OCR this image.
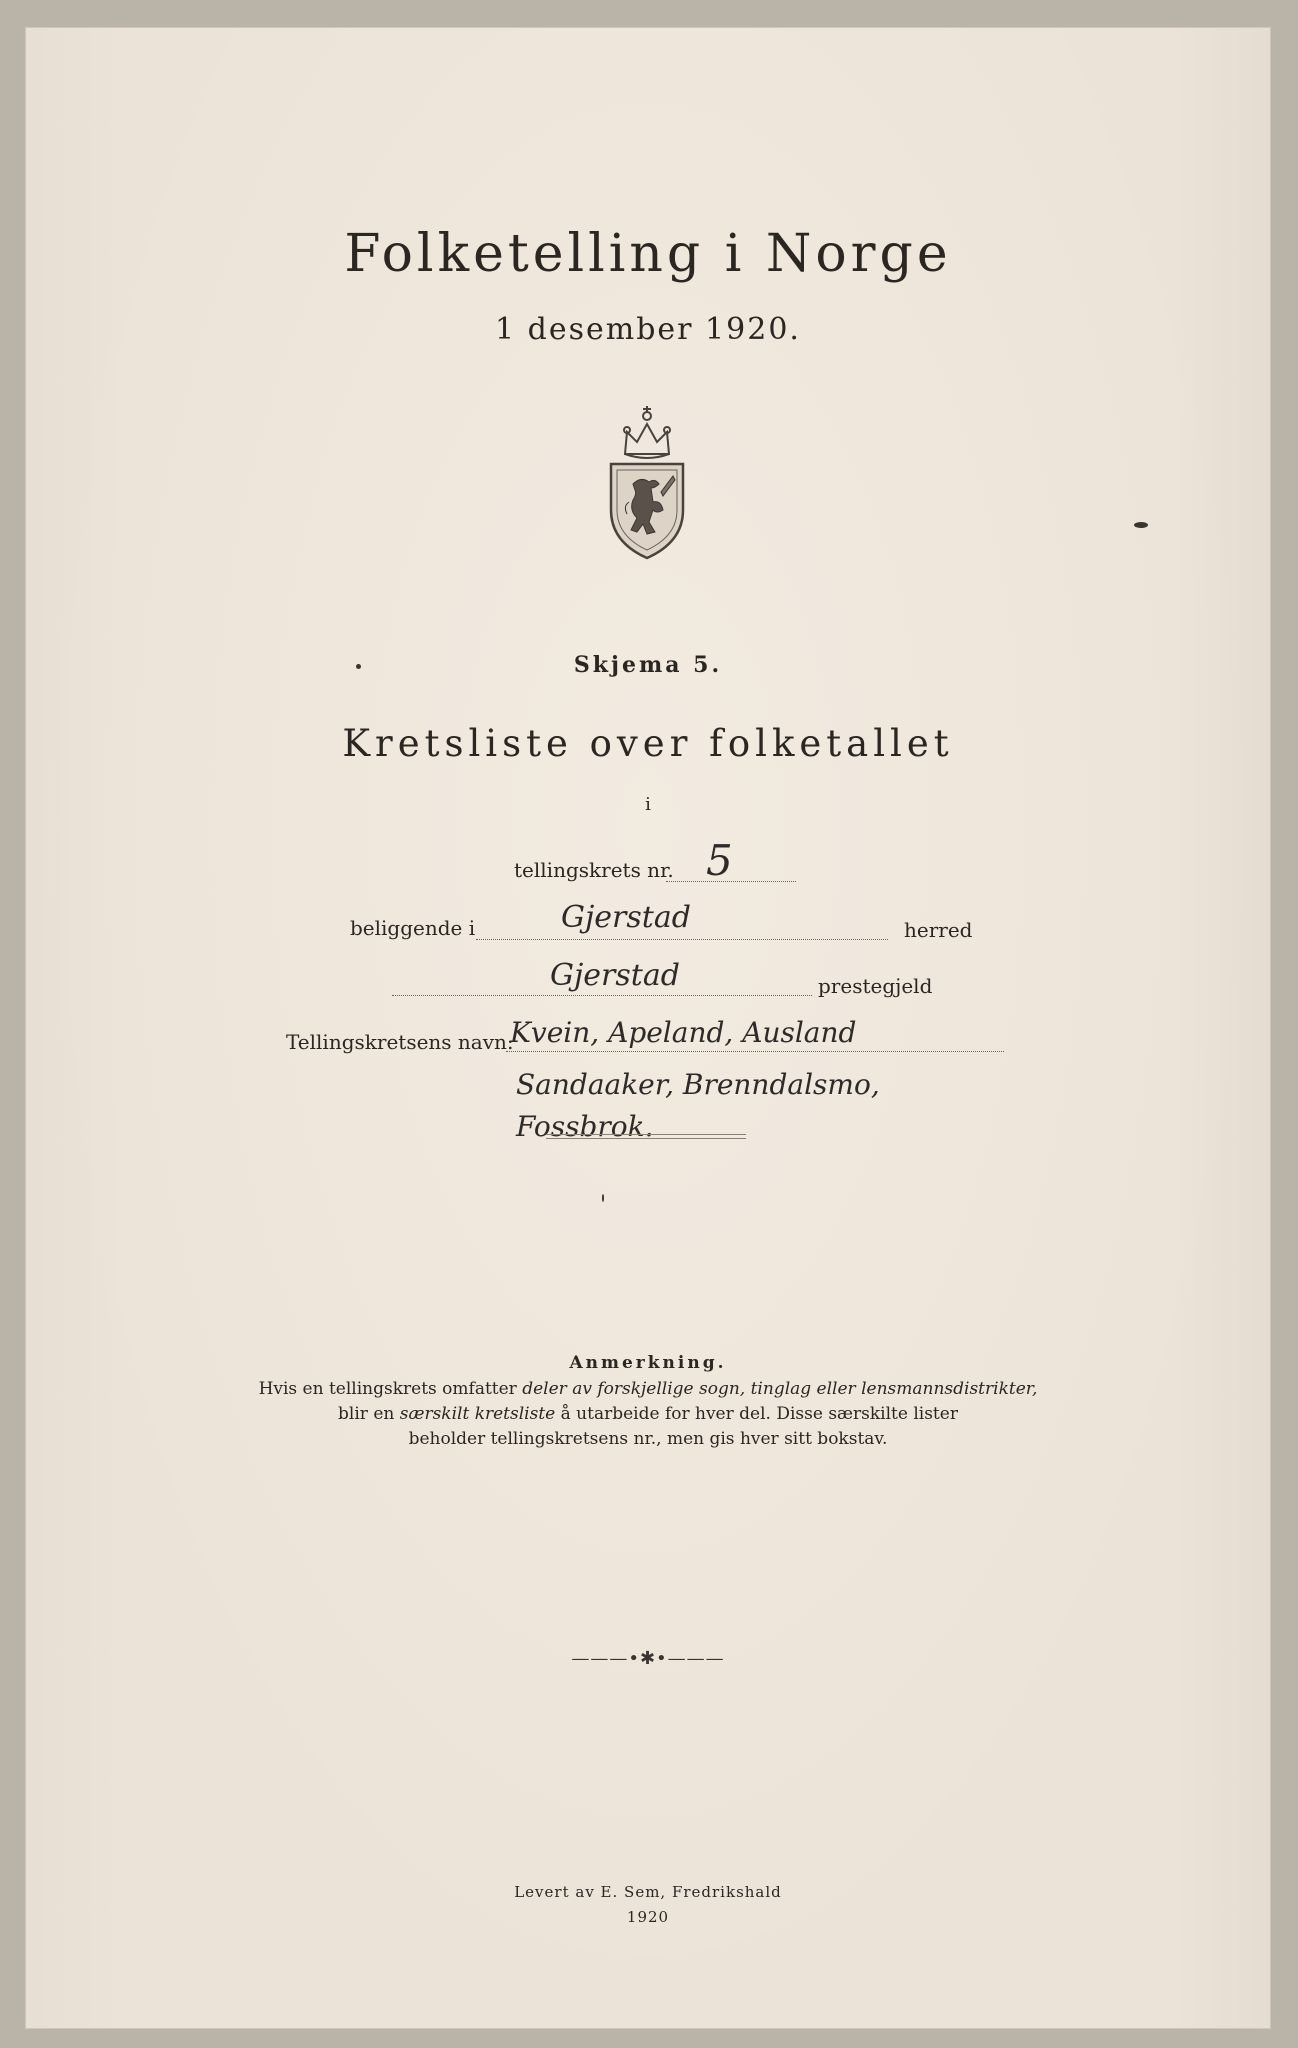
Folketelling i Norge
1 desember 1920.
Skjema 5.
Kretsliste over folketallet
i
tellingskrets nr. 5
beliggende i	Gjerstad	herred
Gjerstad	prestegjeld
Tellingskretsens navn:
Kvein, Apeland, Ausland
Sandaaker, Brenndalsmo,
Fossbrok.
Anmerkning.
Hvis en tellingskrets omfatter deler av forskjellige sogn, tinglag eller lensmannsdistrikter,
blir en særskilt kretsliste å utarbeide for hver del. Disse særskilte lister
beholder tellingskretsens nr., men gis hver sitt bokstav.
———•✱•———
Levert av E. Sem, Fredrikshald
1920
